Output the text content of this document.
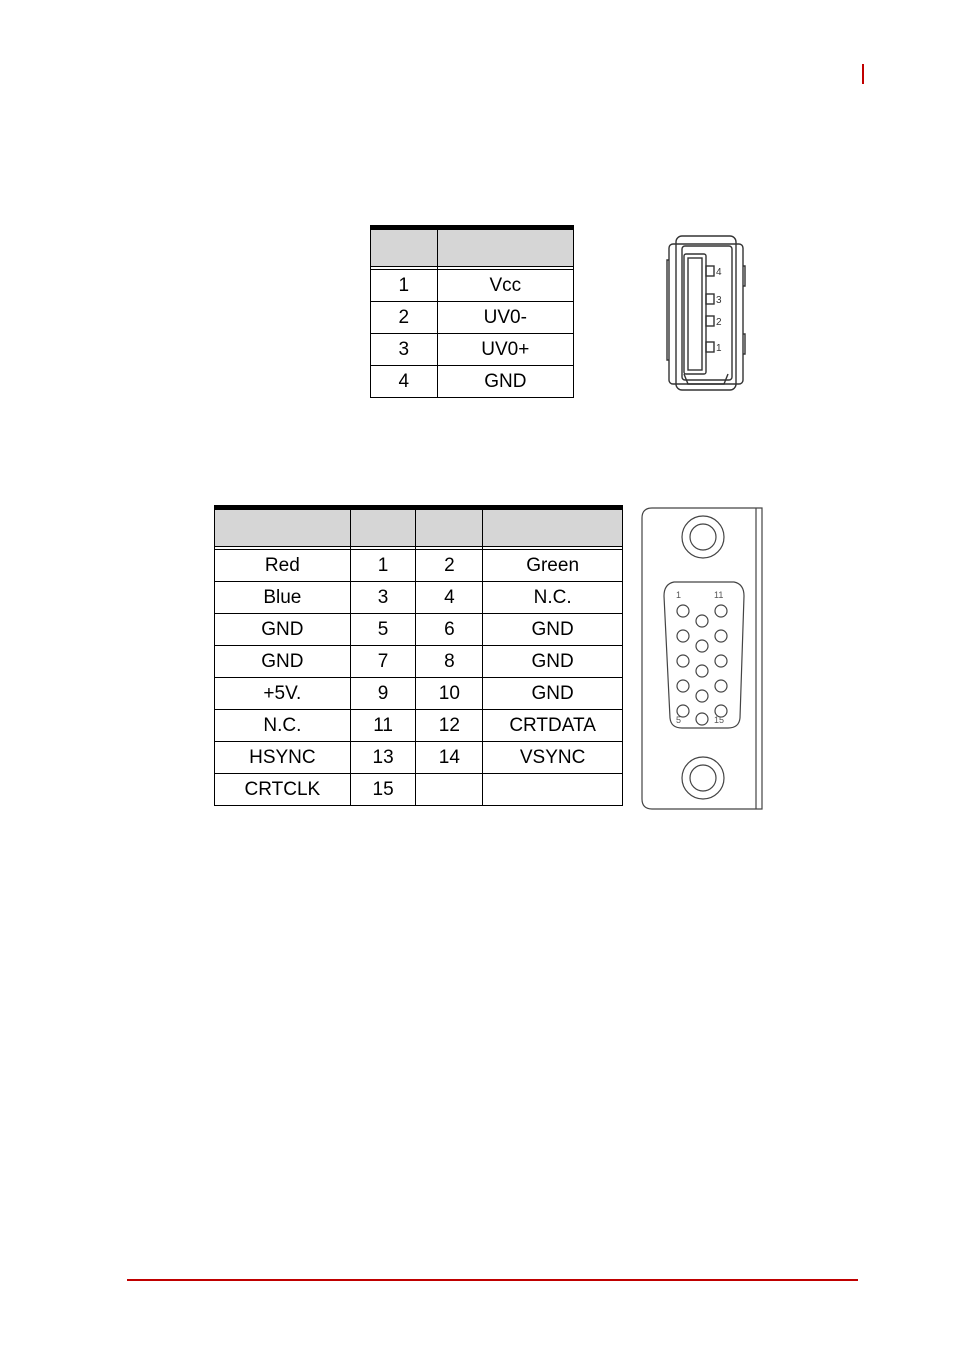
1	Vcc
2	UV0-
3	UV0+
4	GND
4
3
2
1

Red	1	2	Green
Blue	3	4	N.C.
GND	5	6	GND
GND	7	8	GND
+5V.	9	10	GND
N.C.	11	12	CRTDATA
HSYNC	13	14	VSYNC
CRTCLK	15		
1
5
11
15
